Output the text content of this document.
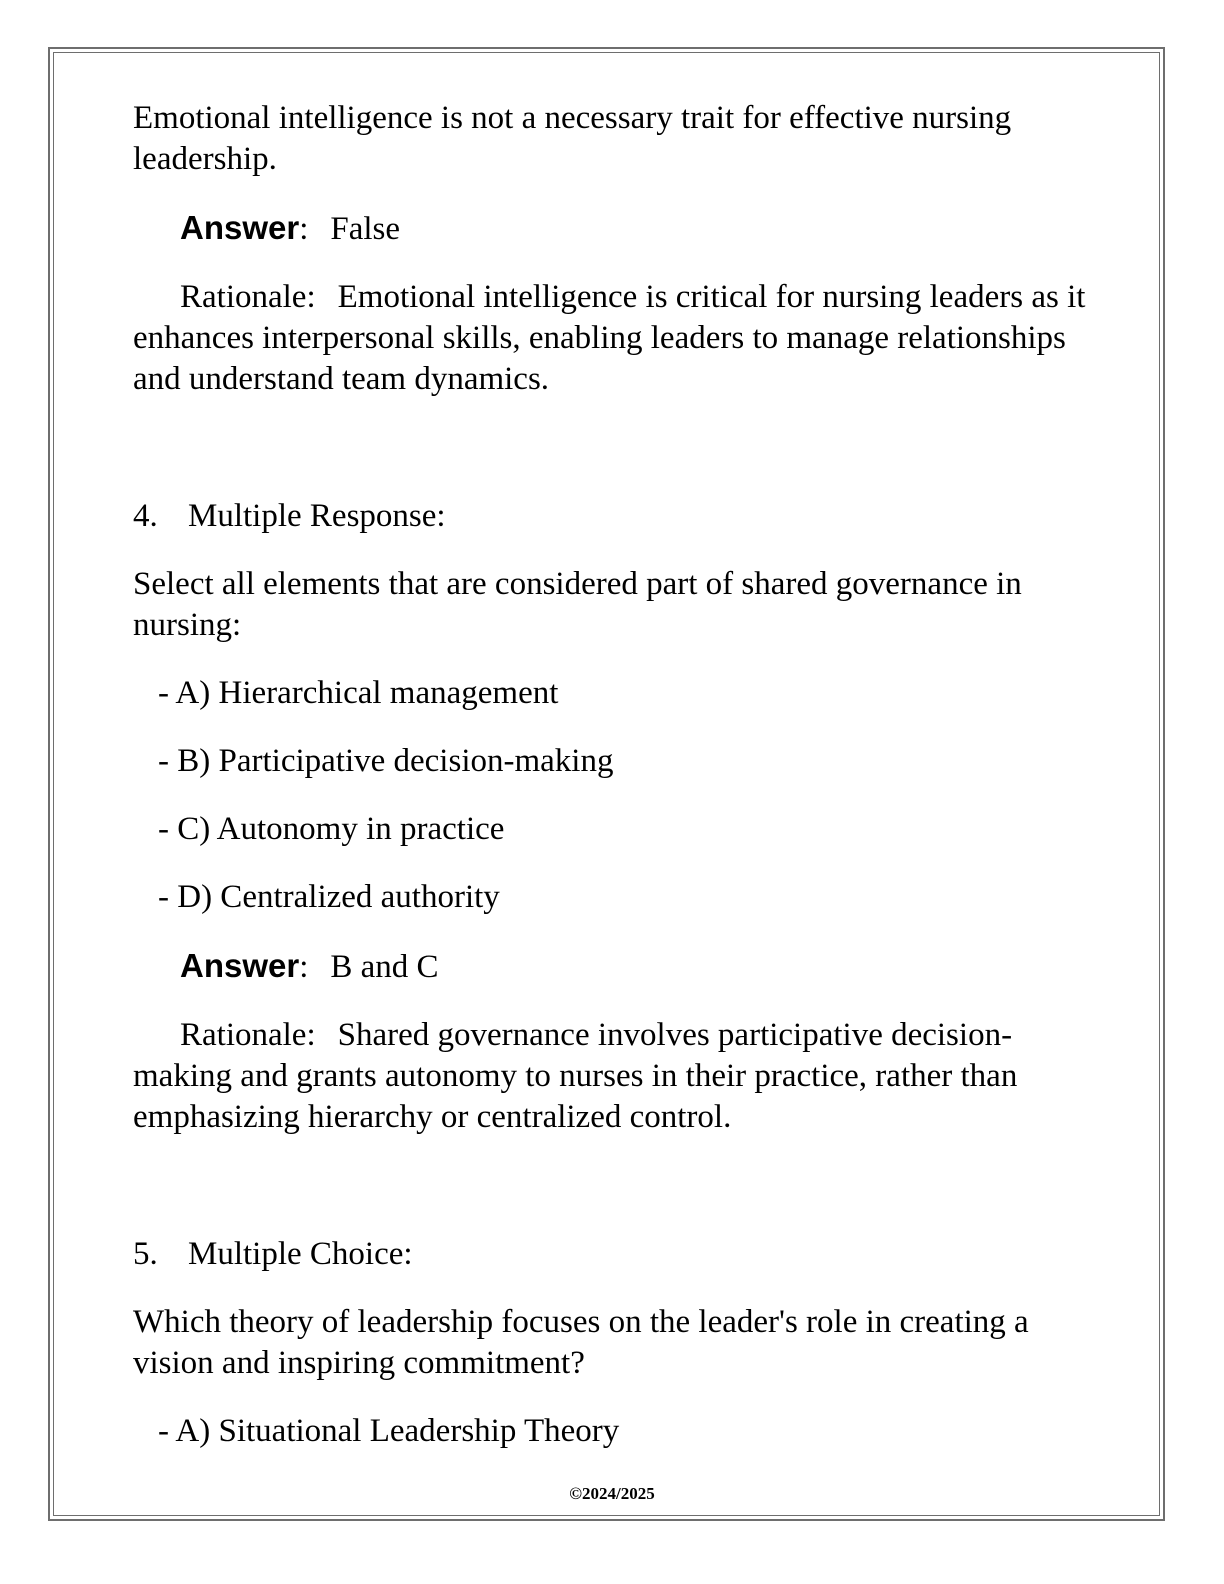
Emotional intelligence is not a necessary trait for effective nursing leadership.

Answer: False

Rationale: Emotional intelligence is critical for nursing leaders as it enhances interpersonal skills, enabling leaders to manage relationships and understand team dynamics.

4. Multiple Response:

Select all elements that are considered part of shared governance in nursing:

- A) Hierarchical management

- B) Participative decision-making

- C) Autonomy in practice

- D) Centralized authority

Answer: B and C

Rationale: Shared governance involves participative decision-making and grants autonomy to nurses in their practice, rather than emphasizing hierarchy or centralized control.

5. Multiple Choice:

Which theory of leadership focuses on the leader's role in creating a vision and inspiring commitment?

- A) Situational Leadership Theory

©2024/2025
